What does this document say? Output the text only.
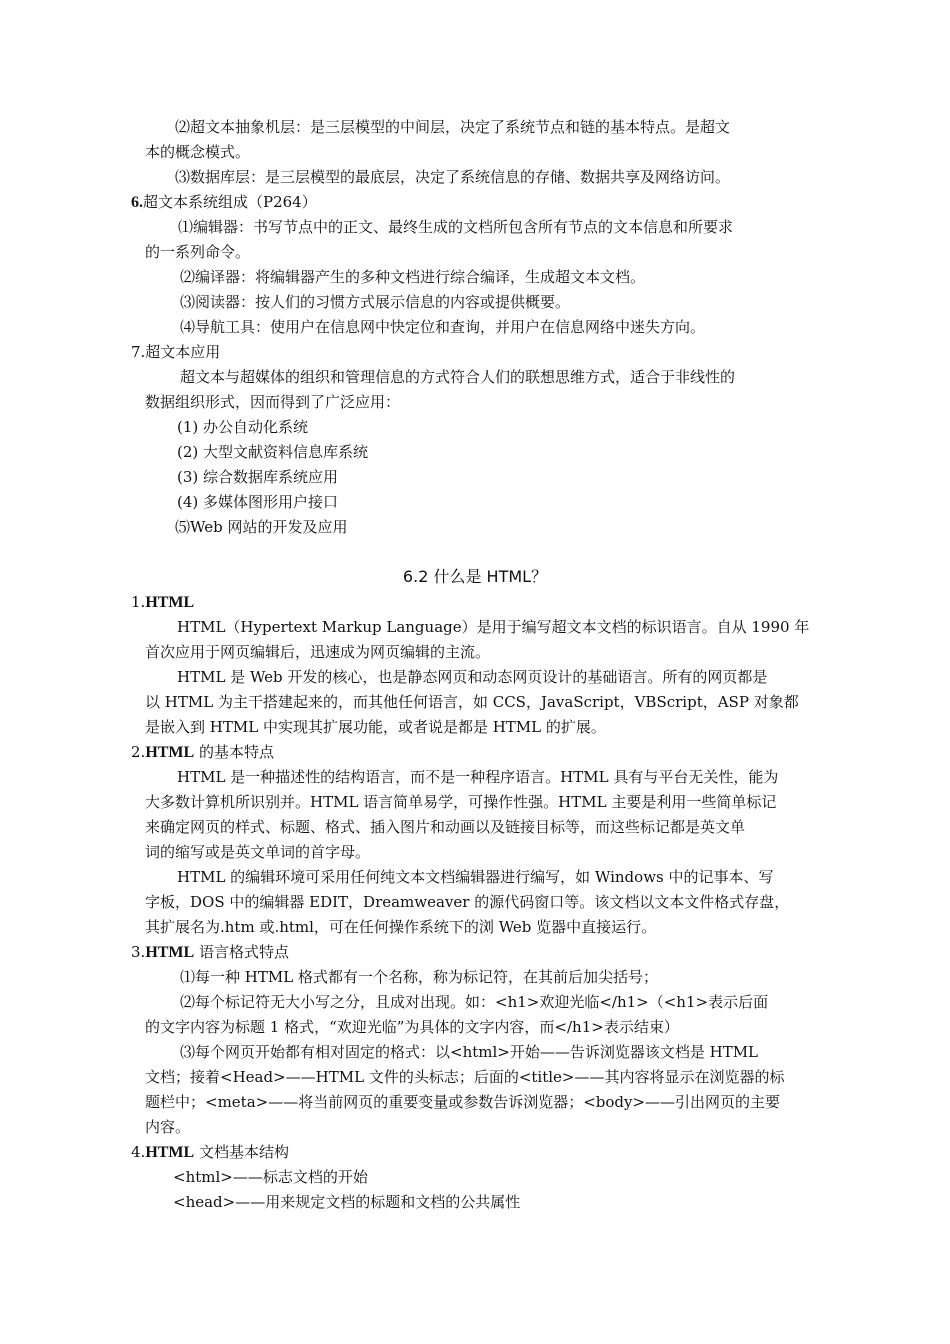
⑵超文本抽象机层：是三层模型的中间层，决定了系统节点和链的基本特点。是超文
本的概念模式。
⑶数据库层：是三层模型的最底层，决定了系统信息的存储、数据共享及网络访问。
6.超文本系统组成（P264）
⑴编辑器：书写节点中的正文、最终生成的文档所包含所有节点的文本信息和所要求
的一系列命令。
⑵编译器：将编辑器产生的多种文档进行综合编译，生成超文本文档。
⑶阅读器：按人们的习惯方式展示信息的内容或提供概要。
⑷导航工具：使用户在信息网中快定位和查询，并用户在信息网络中迷失方向。
7.超文本应用
超文本与超媒体的组织和管理信息的方式符合人们的联想思维方式，适合于非线性的
数据组织形式，因而得到了广泛应用：
(1) 办公自动化系统
(2) 大型文献资料信息库系统
(3) 综合数据库系统应用
(4) 多媒体图形用户接口
⑸Web 网站的开发及应用
6.2 什么是 HTML？
1.HTML
HTML（Hypertext Markup Language）是用于编写超文本文档的标识语言。自从 1990 年
首次应用于网页编辑后，迅速成为网页编辑的主流。
HTML 是 Web 开发的核心，也是静态网页和动态网页设计的基础语言。所有的网页都是
以 HTML 为主干搭建起来的，而其他任何语言，如 CCS，JavaScript，VBScript，ASP 对象都
是嵌入到 HTML 中实现其扩展功能，或者说是都是 HTML 的扩展。
2.HTML 的基本特点
HTML 是一种描述性的结构语言，而不是一种程序语言。HTML 具有与平台无关性，能为
大多数计算机所识别并。HTML 语言简单易学，可操作性强。HTML 主要是利用一些简单标记
来确定网页的样式、标题、格式、插入图片和动画以及链接目标等，而这些标记都是英文单
词的缩写或是英文单词的首字母。
HTML 的编辑环境可采用任何纯文本文档编辑器进行编写，如 Windows 中的记事本、写
字板，DOS 中的编辑器 EDIT，Dreamweaver 的源代码窗口等。该文档以文本文件格式存盘，
其扩展名为.htm 或.html，可在任何操作系统下的浏 Web 览器中直接运行。
3.HTML 语言格式特点
⑴每一种 HTML 格式都有一个名称，称为标记符，在其前后加尖括号；
⑵每个标记符无大小写之分，且成对出现。如：<h1>欢迎光临</h1>（<h1>表示后面
的文字内容为标题 1 格式，“欢迎光临”为具体的文字内容，而</h1>表示结束）
⑶每个网页开始都有相对固定的格式：以<html>开始——告诉浏览器该文档是 HTML
文档；接着<Head>——HTML 文件的头标志；后面的<title>——其内容将显示在浏览器的标
题栏中；<meta>——将当前网页的重要变量或参数告诉浏览器；<body>——引出网页的主要
内容。
4.HTML 文档基本结构
<html>——标志文档的开始
<head>——用来规定文档的标题和文档的公共属性
